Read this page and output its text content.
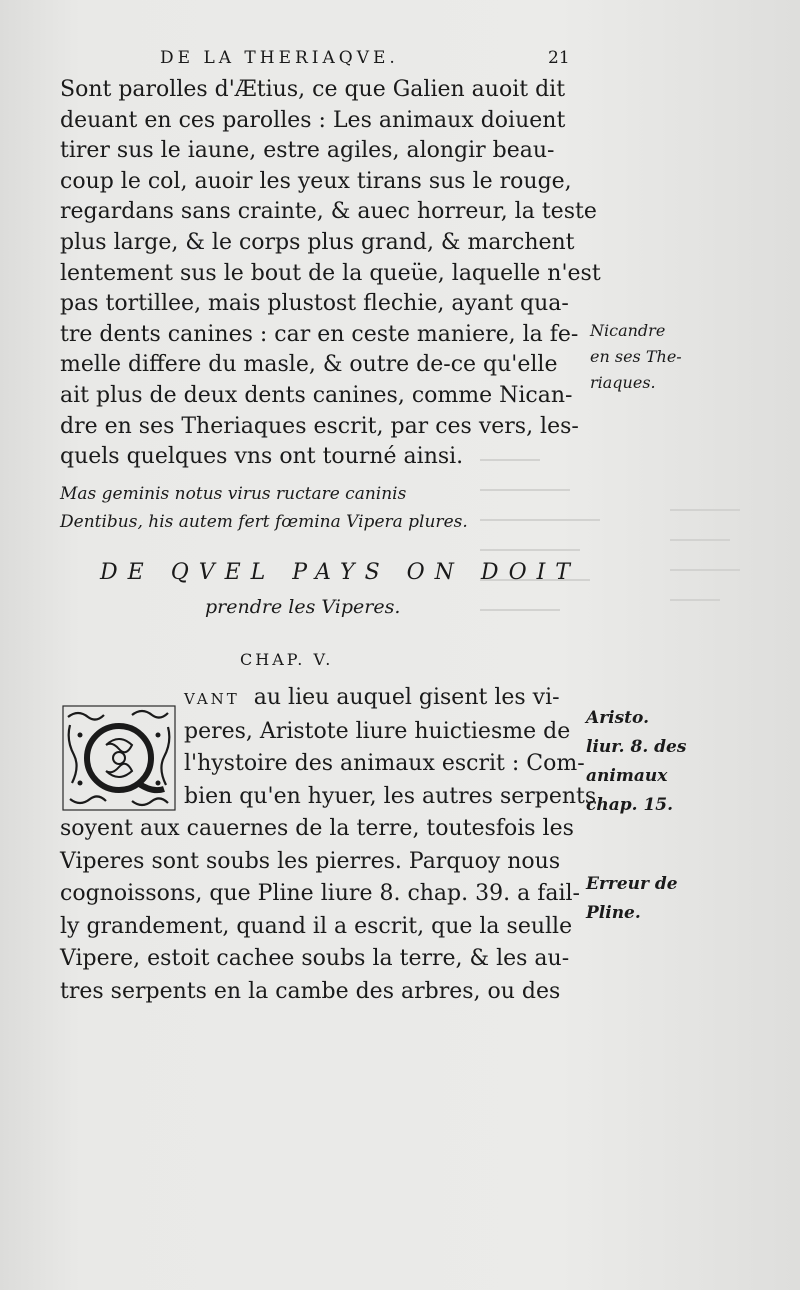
DE LA THERIAQVE.	21
Sont parolles d'Ætius, ce que Galien auoit dit
deuant en ces parolles : Les animaux doiuent
tirer sus le iaune, estre agiles, alongir beau-
coup le col, auoir les yeux tirans sus le rouge,
regardans sans crainte, & auec horreur, la teste
plus large, & le corps plus grand, & marchent
lentement sus le bout de la queüe, laquelle n'est
pas tortillee, mais plustost flechie, ayant qua-
tre dents canines : car en ceste maniere, la fe-
melle differe du masle, & outre de-ce qu'elle
ait plus de deux dents canines, comme Nican-
dre en ses Theriaques escrit, par ces vers, les-
quels quelques vns ont tourné ainsi.
Mas geminis notus virus ructare caninis
Dentibus, his autem fert fœmina Vipera plures.
DE QVEL PAYS ON DOIT
prendre les Viperes.
CHAP. V.
VANT au lieu auquel gisent les vi-
peres, Aristote liure huictiesme de
l'hystoire des animaux escrit : Com-
bien qu'en hyuer, les autres serpents
soyent aux cauernes de la terre, toutesfois les
Viperes sont soubs les pierres. Parquoy nous
cognoissons, que Pline liure 8. chap. 39. a fail-
ly grandement, quand il a escrit, que la seulle
Vipere, estoit cachee soubs la terre, & les au-
tres serpents en la cambe des arbres, ou des
Nicandre
en ses The-
riaques.
Aristo.
liur. 8. des
animaux
chap. 15.
Erreur de
Pline.
